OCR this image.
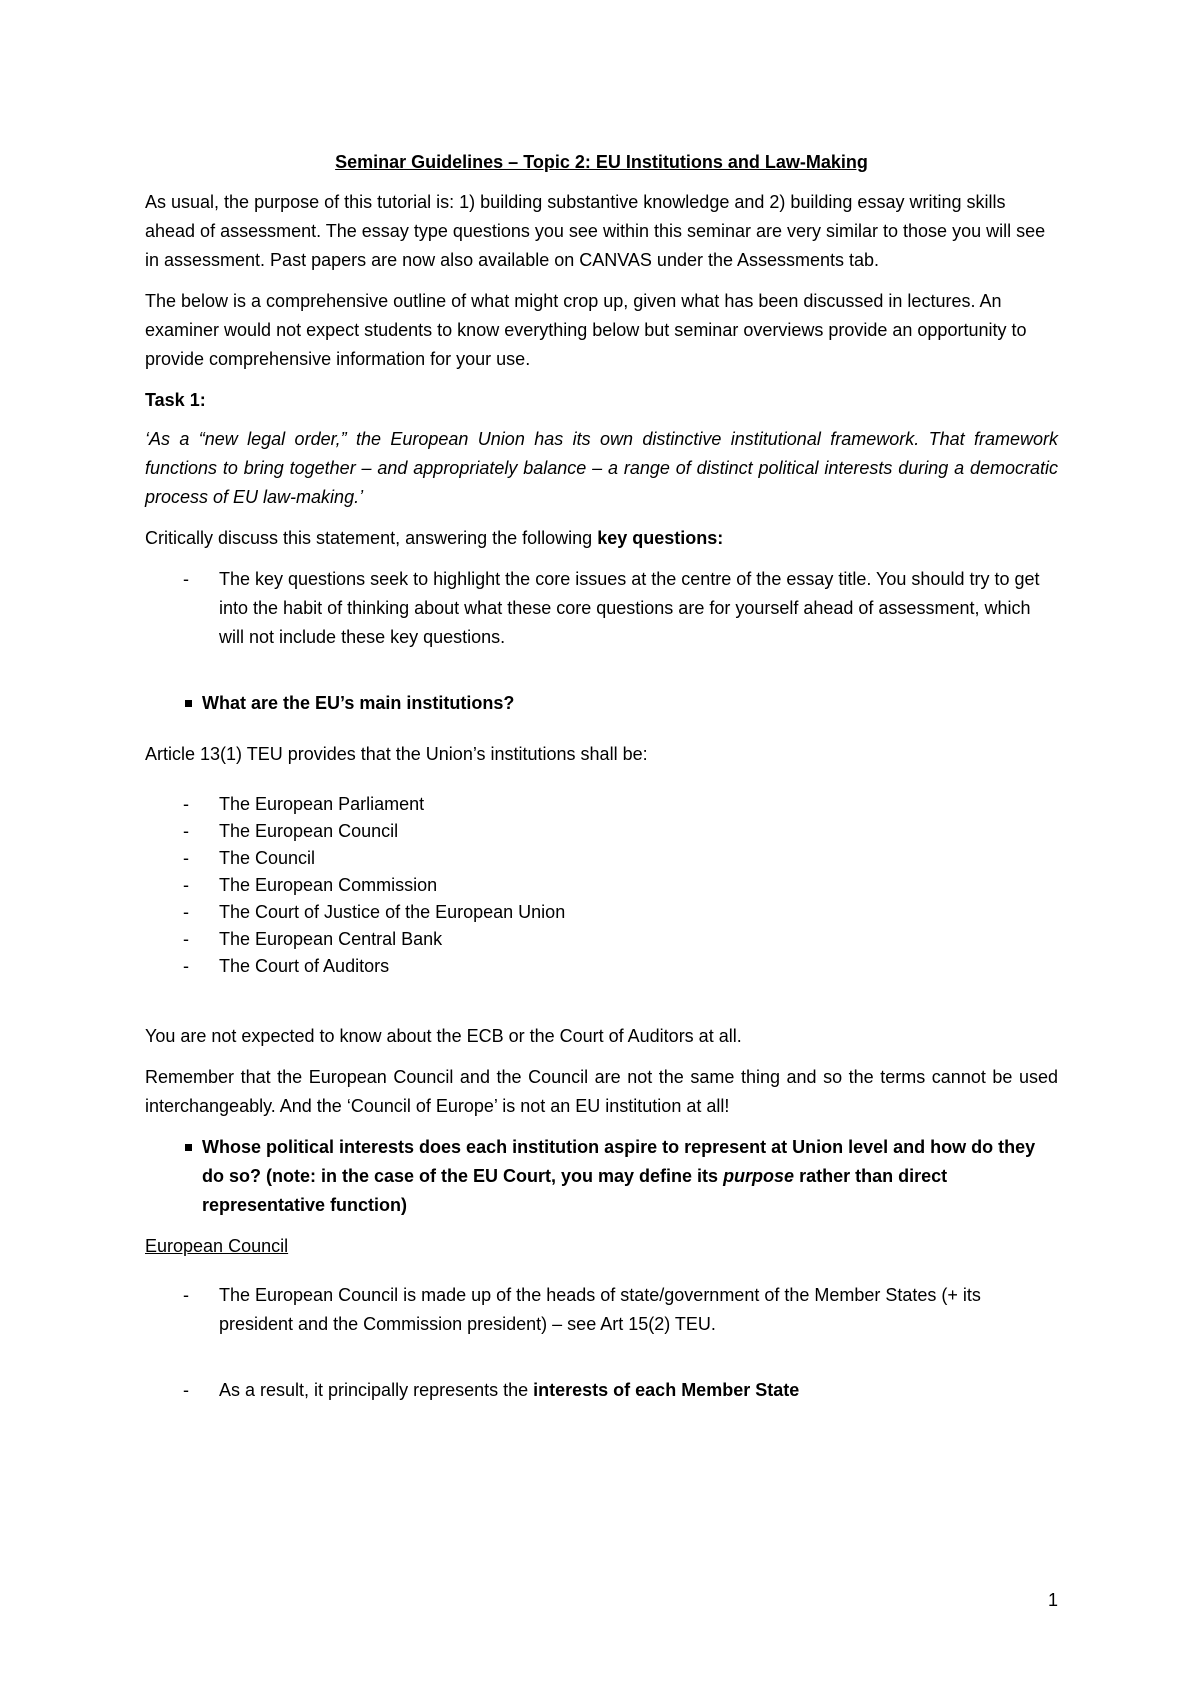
Seminar Guidelines – Topic 2: EU Institutions and Law-Making

As usual, the purpose of this tutorial is: 1) building substantive knowledge and 2) building essay writing skills ahead of assessment. The essay type questions you see within this seminar are very similar to those you will see in assessment. Past papers are now also available on CANVAS under the Assessments tab.

The below is a comprehensive outline of what might crop up, given what has been discussed in lectures. An examiner would not expect students to know everything below but seminar overviews provide an opportunity to provide comprehensive information for your use.

Task 1:

‘As a “new legal order,” the European Union has its own distinctive institutional framework. That framework functions to bring together – and appropriately balance – a range of distinct political interests during a democratic process of EU law-making.’

Critically discuss this statement, answering the following key questions:

- The key questions seek to highlight the core issues at the centre of the essay title. You should try to get into the habit of thinking about what these core questions are for yourself ahead of assessment, which will not include these key questions.

What are the EU’s main institutions?

Article 13(1) TEU provides that the Union’s institutions shall be:

- The European Parliament
- The European Council
- The Council
- The European Commission
- The Court of Justice of the European Union
- The European Central Bank
- The Court of Auditors

You are not expected to know about the ECB or the Court of Auditors at all.

Remember that the European Council and the Council are not the same thing and so the terms cannot be used interchangeably. And the ‘Council of Europe’ is not an EU institution at all!

Whose political interests does each institution aspire to represent at Union level and how do they do so? (note: in the case of the EU Court, you may define its purpose rather than direct representative function)

European Council

- The European Council is made up of the heads of state/government of the Member States (+ its president and the Commission president) – see Art 15(2) TEU.
- As a result, it principally represents the interests of each Member State
1
